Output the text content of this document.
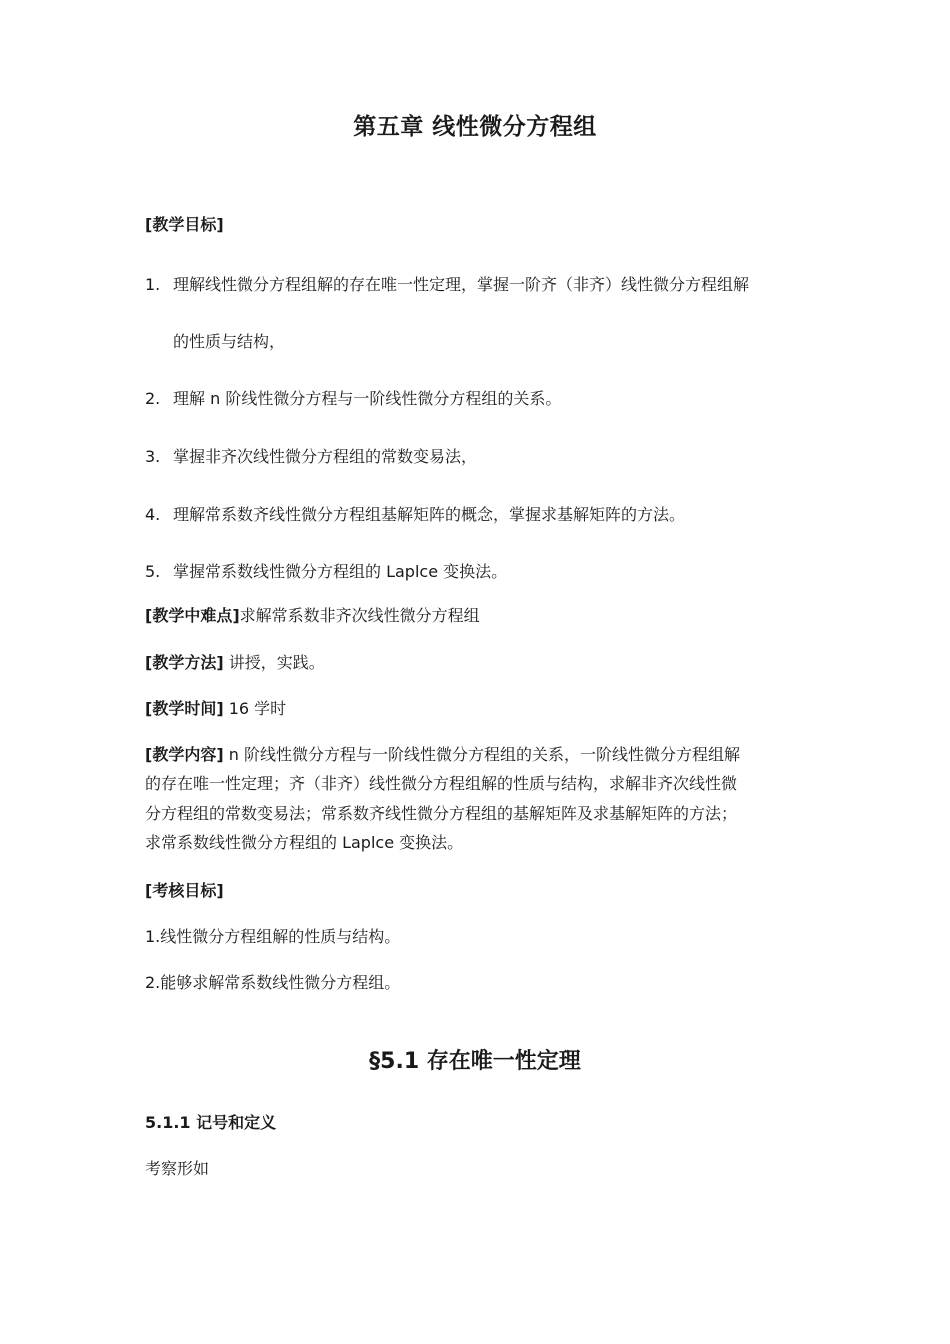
第五章 线性微分方程组
[教学目标]
1. 理解线性微分方程组解的存在唯一性定理，掌握一阶齐（非齐）线性微分方程组解
的性质与结构，
2. 理解 n 阶线性微分方程与一阶线性微分方程组的关系。
3. 掌握非齐次线性微分方程组的常数变易法，
4. 理解常系数齐线性微分方程组基解矩阵的概念，掌握求基解矩阵的方法。
5. 掌握常系数线性微分方程组的 Laplce 变换法。
[教学中难点]求解常系数非齐次线性微分方程组
[教学方法] 讲授，实践。
[教学时间] 16 学时
[教学内容] n 阶线性微分方程与一阶线性微分方程组的关系，一阶线性微分方程组解
的存在唯一性定理；齐（非齐）线性微分方程组解的性质与结构，求解非齐次线性微
分方程组的常数变易法；常系数齐线性微分方程组的基解矩阵及求基解矩阵的方法；
求常系数线性微分方程组的 Laplce 变换法。
[考核目标]
1.线性微分方程组解的性质与结构。
2.能够求解常系数线性微分方程组。
§5.1 存在唯一性定理
5.1.1 记号和定义
考察形如
